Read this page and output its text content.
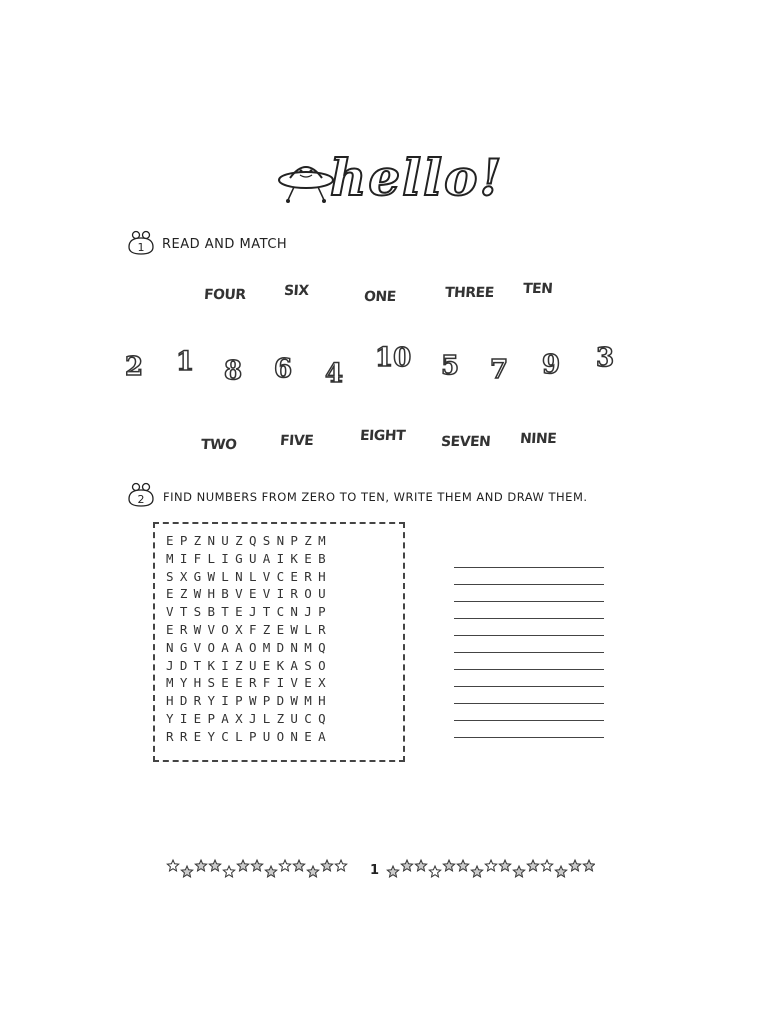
hello!
1 READ AND MATCH
FOUR	SIX	ONE	THREE TEN
2 1 8 6 4
10 5 7 9 3
TWO	FIVE	EIGHT SEVEN NINE
2 FIND NUMBERS FROM ZERO TO TEN, WRITE THEM AND DRAW THEM.
EPZNUZQSNPZM
MIFLIGUAIKEB
SXGWLNLVCERH
EZWHBVEVIROU
VTSBTEJTCNJP
ERWVOXFZEWLR
NGVOAAOMDNMQ
JDTKIZUEKASO
MYHSEERFIVEX
HDRYIPWPDWMH
YIEPAXJLZUCQ
RREYCLPUONEA
1
